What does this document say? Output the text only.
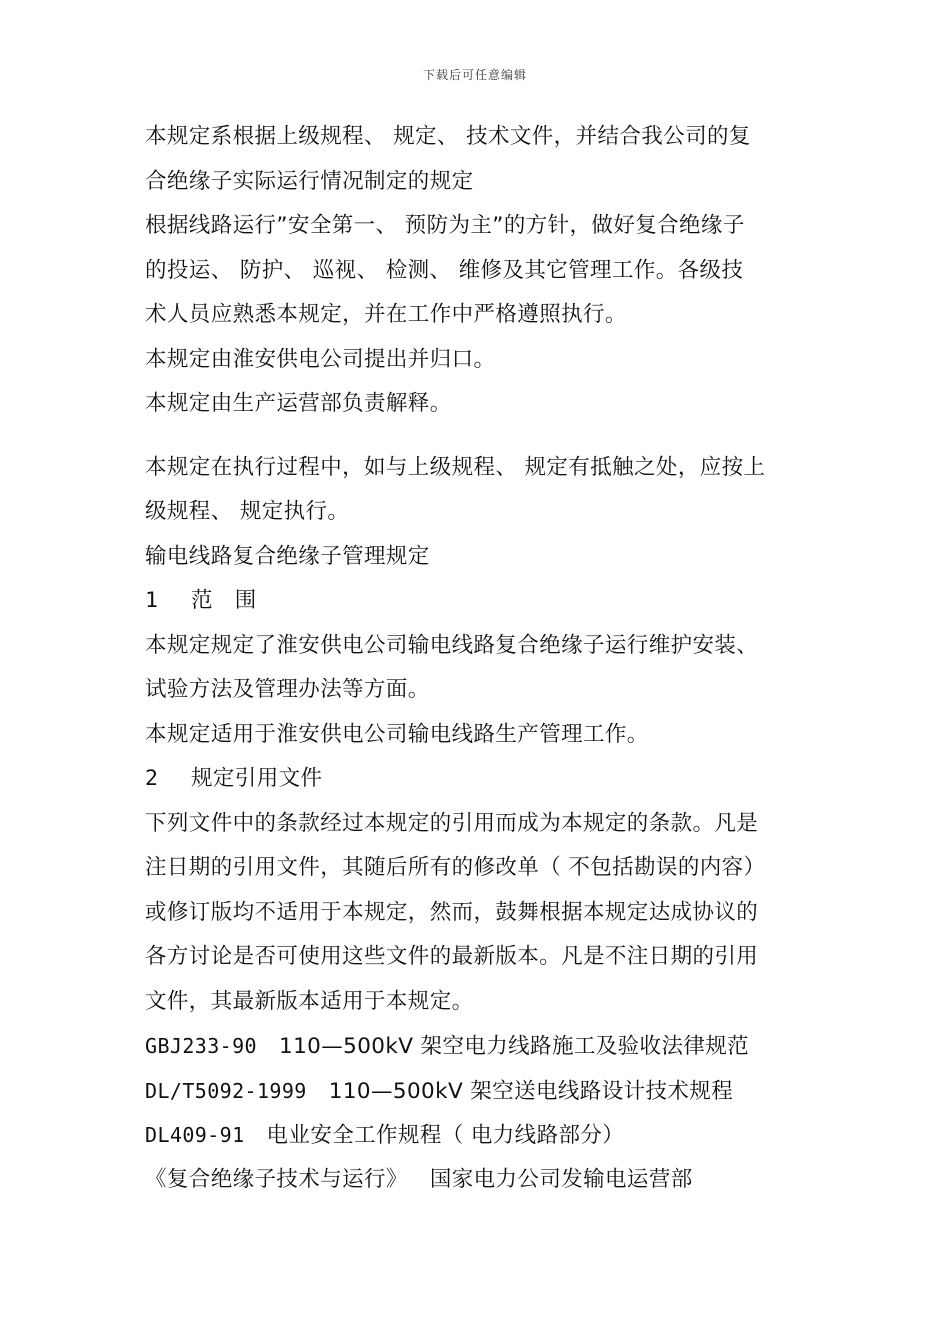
下载后可任意编辑
本规定系根据上级规程、 规定、 技术文件，并结合我公司的复
合绝缘子实际运行情况制定的规定
根据线路运行”安全第一、 预防为主”的方针，做好复合绝缘子
的投运、 防护、 巡视、 检测、 维修及其它管理工作。各级技
术人员应熟悉本规定，并在工作中严格遵照执行。
本规定由淮安供电公司提出并归口。
本规定由生产运营部负责解释。
本规定在执行过程中，如与上级规程、 规定有抵触之处，应按上
级规程、 规定执行。
输电线路复合绝缘子管理规定
1 范　围
本规定规定了淮安供电公司输电线路复合绝缘子运行维护安装、
试验方法及管理办法等方面。
本规定适用于淮安供电公司输电线路生产管理工作。
2 规定引用文件
下列文件中的条款经过本规定的引用而成为本规定的条款。凡是
注日期的引用文件，其随后所有的修改单（ 不包括勘误的内容）
或修订版均不适用于本规定，然而，鼓舞根据本规定达成协议的
各方讨论是否可使用这些文件的最新版本。凡是不注日期的引用
文件，其最新版本适用于本规定。
GBJ233-90 110—500kV 架空电力线路施工及验收法律规范
DL/T5092-1999 110—500kV 架空送电线路设计技术规程
DL409-91 电业安全工作规程（ 电力线路部分）
《复合绝缘子技术与运行》 国家电力公司发输电运营部
